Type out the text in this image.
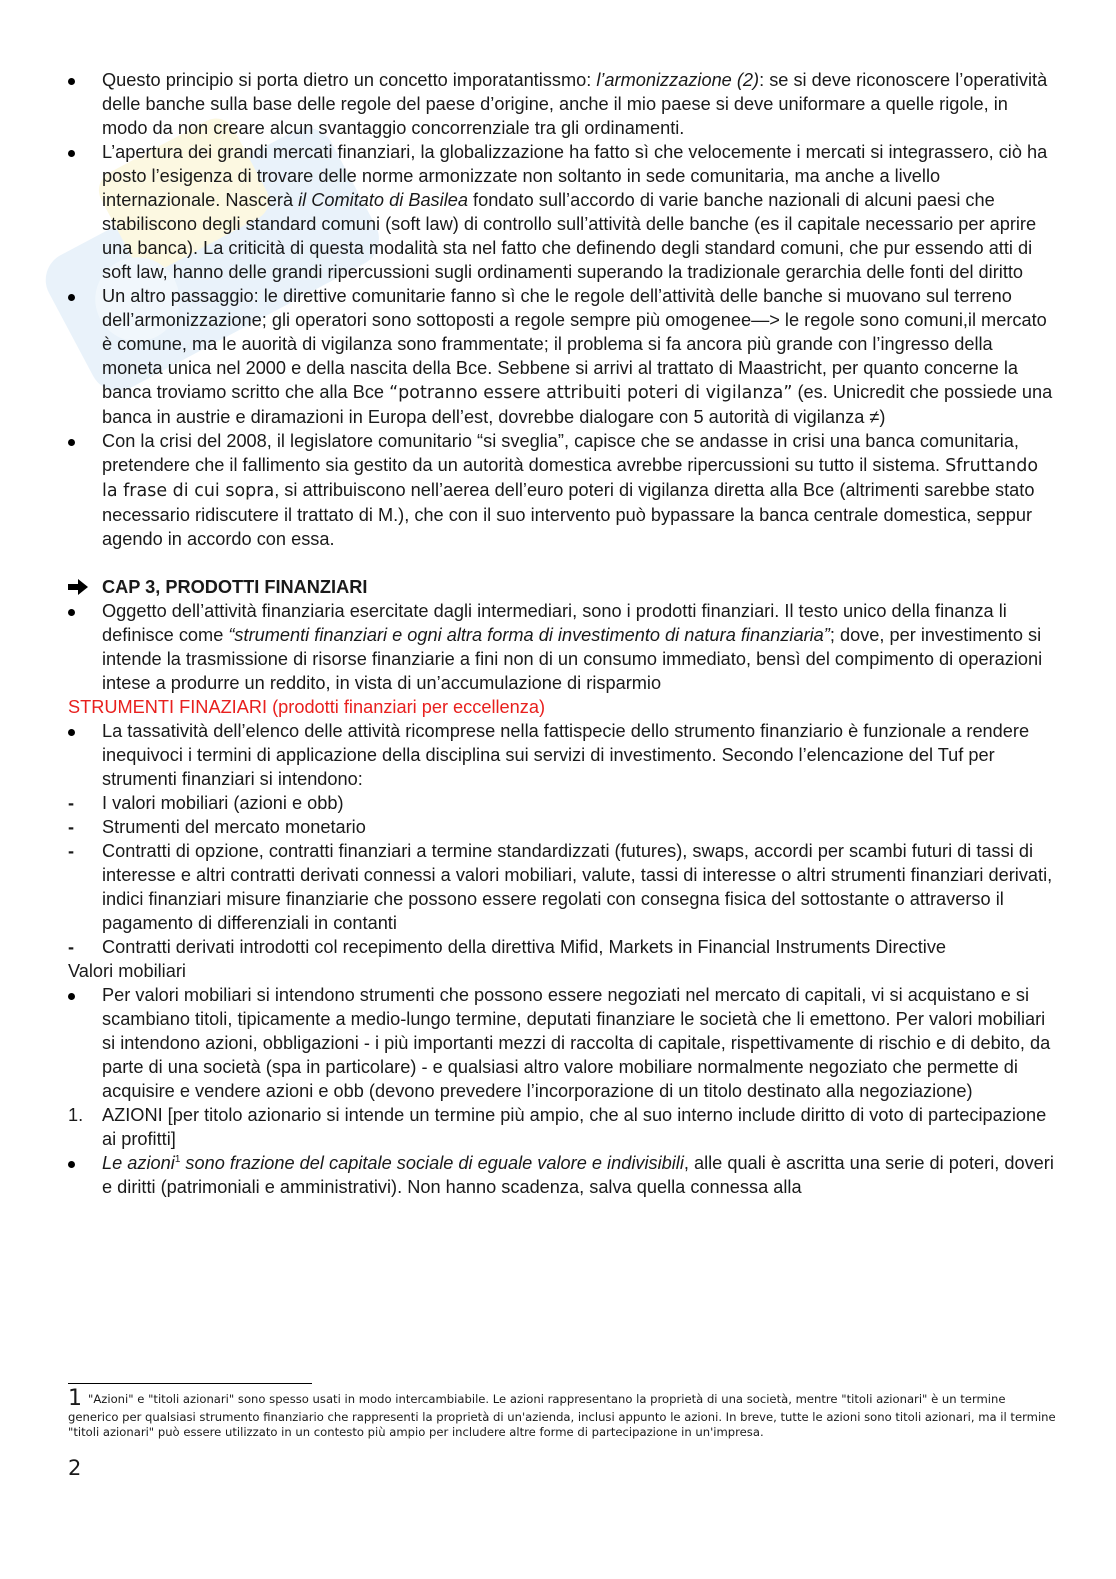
Questo principio si porta dietro un concetto imporatantissmo: l’armonizzazione (2): se si deve riconoscere l’operatività delle banche sulla base delle regole del paese d’origine, anche il mio paese si deve uniformare a quelle rigole, in modo da non creare alcun svantaggio concorrenziale tra gli ordinamenti.
L’apertura dei grandi mercati finanziari, la globalizzazione ha fatto sì che velocemente i mercati si integrassero, ciò ha posto l’esigenza di trovare delle norme armonizzate non soltanto in sede comunitaria, ma anche a livello internazionale. Nascerà il Comitato di Basilea fondato sull’accordo di varie banche nazionali di alcuni paesi che stabiliscono degli standard comuni (soft law) di controllo sull’attività delle banche (es il capitale necessario per aprire una banca). La criticità di questa modalità sta nel fatto che definendo degli standard comuni, che pur essendo atti di soft law, hanno delle grandi ripercussioni sugli ordinamenti superando la tradizionale gerarchia delle fonti del diritto
Un altro passaggio: le direttive comunitarie fanno sì che le regole dell’attività delle banche si muovano sul terreno dell’armonizzazione; gli operatori sono sottoposti a regole sempre più omogenee—> le regole sono comuni,il mercato è comune, ma le auorità di vigilanza sono frammentate; il problema si fa ancora più grande con l’ingresso della moneta unica nel 2000 e della nascita della Bce. Sebbene si arrivi al trattato di Maastricht, per quanto concerne la banca troviamo scritto che alla Bce “potranno essere attribuiti poteri di vigilanza” (es. Unicredit che possiede una banca in austrie e diramazioni in Europa dell’est, dovrebbe dialogare con 5 autorità di vigilanza ≠)
Con la crisi del 2008, il legislatore comunitario “si sveglia”, capisce che se andasse in crisi una banca comunitaria, pretendere che il fallimento sia gestito da un autorità domestica avrebbe ripercussioni su tutto il sistema. Sfruttando la frase di cui sopra, si attribuiscono nell’aerea dell’euro poteri di vigilanza diretta alla Bce (altrimenti sarebbe stato necessario ridiscutere il trattato di M.), che con il suo intervento può bypassare la banca centrale domestica, seppur agendo in accordo con essa.
CAP 3, PRODOTTI FINANZIARI
Oggetto dell’attività finanziaria esercitate dagli intermediari, sono i prodotti finanziari. Il testo unico della finanza li definisce come “strumenti finanziari e ogni altra forma di investimento di natura finanziaria”; dove, per investimento si intende la trasmissione di risorse finanziarie a fini non di un consumo immediato, bensì del compimento di operazioni intese a produrre un reddito, in vista di un’accumulazione di risparmio
STRUMENTI FINAZIARI (prodotti finanziari per eccellenza)
La tassatività dell’elenco delle attività ricomprese nella fattispecie dello strumento finanziario è funzionale a rendere inequivoci i termini di applicazione della disciplina sui servizi di investimento. Secondo l’elencazione del Tuf per strumenti finanziari si intendono:
- I valori mobiliari (azioni e obb)
- Strumenti del mercato monetario
- Contratti di opzione, contratti finanziari a termine standardizzati (futures), swaps, accordi per scambi futuri di tassi di interesse e altri contratti derivati connessi a valori mobiliari, valute, tassi di interesse o altri strumenti finanziari derivati, indici finanziari misure finanziarie che possono essere regolati con consegna fisica del sottostante o attraverso il pagamento di differenziali in contanti
- Contratti derivati introdotti col recepimento della direttiva Mifid, Markets in Financial Instruments Directive
Valori mobiliari
Per valori mobiliari si intendono strumenti che possono essere negoziati nel mercato di capitali, vi si acquistano e si scambiano titoli, tipicamente a medio-lungo termine, deputati finanziare le società che li emettono. Per valori mobiliari si intendono azioni, obbligazioni - i più importanti mezzi di raccolta di capitale, rispettivamente di rischio e di debito, da parte di una società (spa in particolare) - e qualsiasi altro valore mobiliare normalmente negoziato che permette di acquisire e vendere azioni e obb (devono prevedere l’incorporazione di un titolo destinato alla negoziazione)
1. AZIONI [per titolo azionario si intende un termine più ampio, che al suo interno include diritto di voto di partecipazione ai profitti]
Le azioni$^1$ sono frazione del capitale sociale di eguale valore e indivisibili, alle quali è ascritta una serie di poteri, doveri e diritti (patrimoniali e amministrativi). Non hanno scadenza, salva quella connessa alla
1 "Azioni" e "titoli azionari" sono spesso usati in modo intercambiabile. Le azioni rappresentano la proprietà di una società, mentre "titoli azionari" è un termine generico per qualsiasi strumento finanziario che rappresenti la proprietà di un'azienda, inclusi appunto le azioni. In breve, tutte le azioni sono titoli azionari, ma il termine "titoli azionari" può essere utilizzato in un contesto più ampio per includere altre forme di partecipazione in un'impresa.
2
